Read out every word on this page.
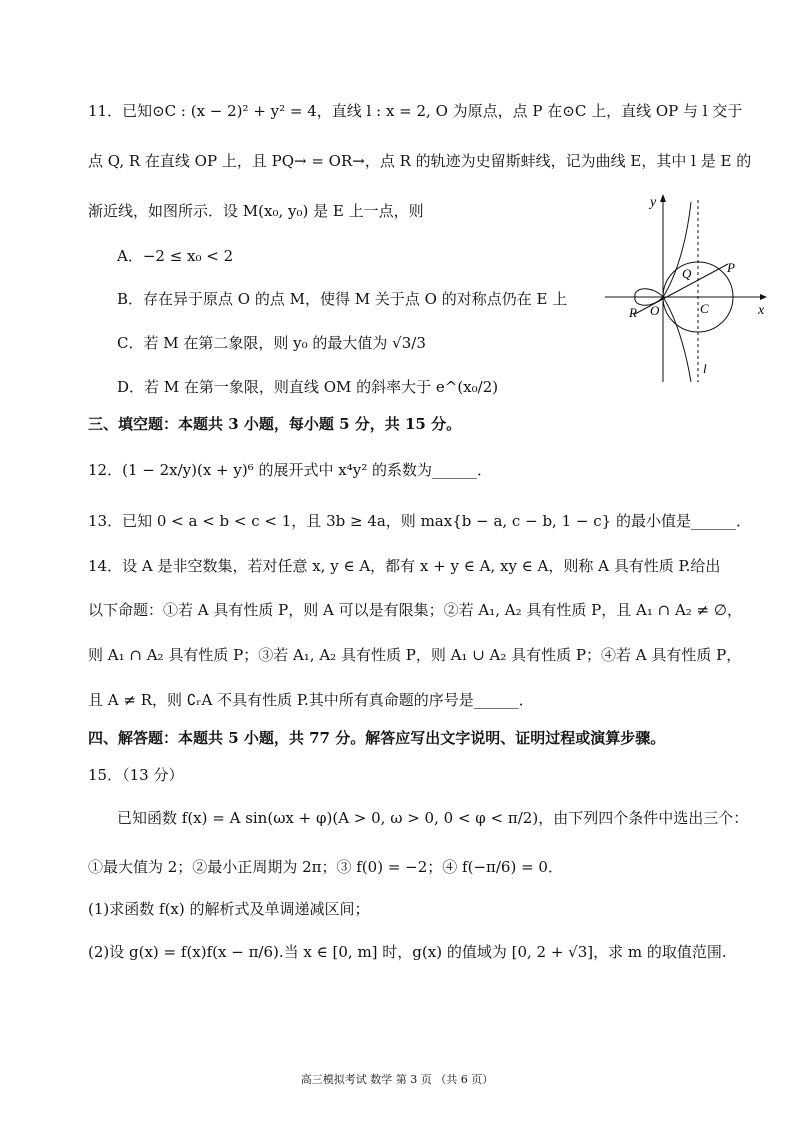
11．已知⊙C : (x − 2)² + y² = 4，直线 l : x = 2, O 为原点，点 P 在⊙C 上，直线 OP 与 l 交于
点 Q, R 在直线 OP 上，且 PQ→ = OR→，点 R 的轨迹为史留斯蚌线，记为曲线 E，其中 l 是 E 的
渐近线，如图所示．设 M(x₀, y₀) 是 E 上一点，则
A．−2 ≤ x₀ < 2
B．存在异于原点 O 的点 M，使得 M 关于点 O 的对称点仍在 E 上
C．若 M 在第二象限，则 y₀ 的最大值为 √3/3
D．若 M 在第一象限，则直线 OM 的斜率大于 e^(x₀/2)
y
x
Q	P
R O	C
l
三、填空题：本题共 3 小题，每小题 5 分，共 15 分。
12．(1 − 2x/y)(x + y)⁶ 的展开式中 x⁴y² 的系数为______．
13．已知 0 < a < b < c < 1，且 3b ≥ 4a，则 max{b − a, c − b, 1 − c} 的最小值是______．
14．设 A 是非空数集，若对任意 x, y ∈ A，都有 x + y ∈ A, xy ∈ A，则称 A 具有性质 P.给出
以下命题：①若 A 具有性质 P，则 A 可以是有限集；②若 A₁, A₂ 具有性质 P，且 A₁ ∩ A₂ ≠ ∅，
则 A₁ ∩ A₂ 具有性质 P；③若 A₁, A₂ 具有性质 P，则 A₁ ∪ A₂ 具有性质 P；④若 A 具有性质 P，
且 A ≠ R，则 ∁ᵣA 不具有性质 P.其中所有真命题的序号是______．
四、解答题：本题共 5 小题，共 77 分。解答应写出文字说明、证明过程或演算步骤。
15．（13 分）
已知函数 f(x) = A sin(ωx + φ)(A > 0, ω > 0, 0 < φ < π/2)，由下列四个条件中选出三个：
①最大值为 2；②最小正周期为 2π；③ f(0) = −2；④ f(−π/6) = 0．
(1)求函数 f(x) 的解析式及单调递减区间；
(2)设 g(x) = f(x)f(x − π/6).当 x ∈ [0, m] 时，g(x) 的值域为 [0, 2 + √3]，求 m 的取值范围.
高三模拟考试 数学 第 3 页 （共 6 页）
